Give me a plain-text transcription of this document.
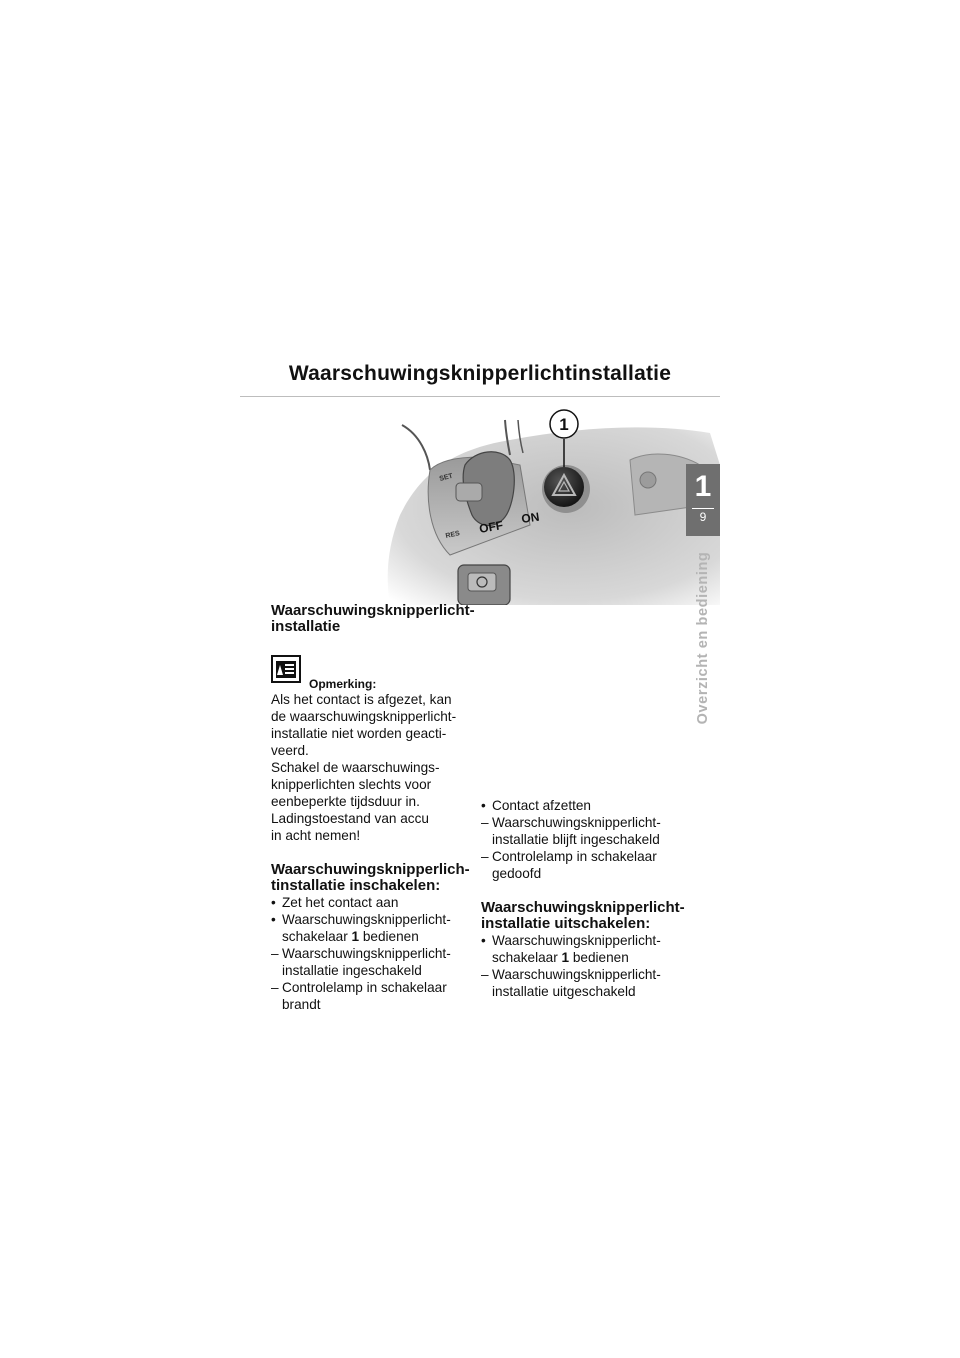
Waarschuwingsknipperlichtinstallatie
SET
RES OFF
ON
1
1
9
Overzicht en bediening

Waarschuwingsknipperlicht-
installatie

Opmerking:

Als het contact is afgezet, kan
de waarschuwingsknipperlicht-
installatie niet worden geacti-
veerd.
Schakel de waarschuwings-
knipperlichten slechts voor
eenbeperkte tijdsduur in.
Ladingstoestand van accu
in acht nemen!

Waarschuwingsknipperlich-
tinstallatie inschakelen:

• Zet het contact aan
• Waarschuwingsknipperlicht-
schakelaar 1 bedienen
– Waarschuwingsknipperlicht-
installatie ingeschakeld
– Controlelamp in schakelaar
brandt
• Contact afzetten
– Waarschuwingsknipperlicht-
installatie blijft ingeschakeld
– Controlelamp in schakelaar
gedoofd

Waarschuwingsknipperlicht-
installatie uitschakelen:

• Waarschuwingsknipperlicht-
schakelaar 1 bedienen
– Waarschuwingsknipperlicht-
installatie uitgeschakeld
